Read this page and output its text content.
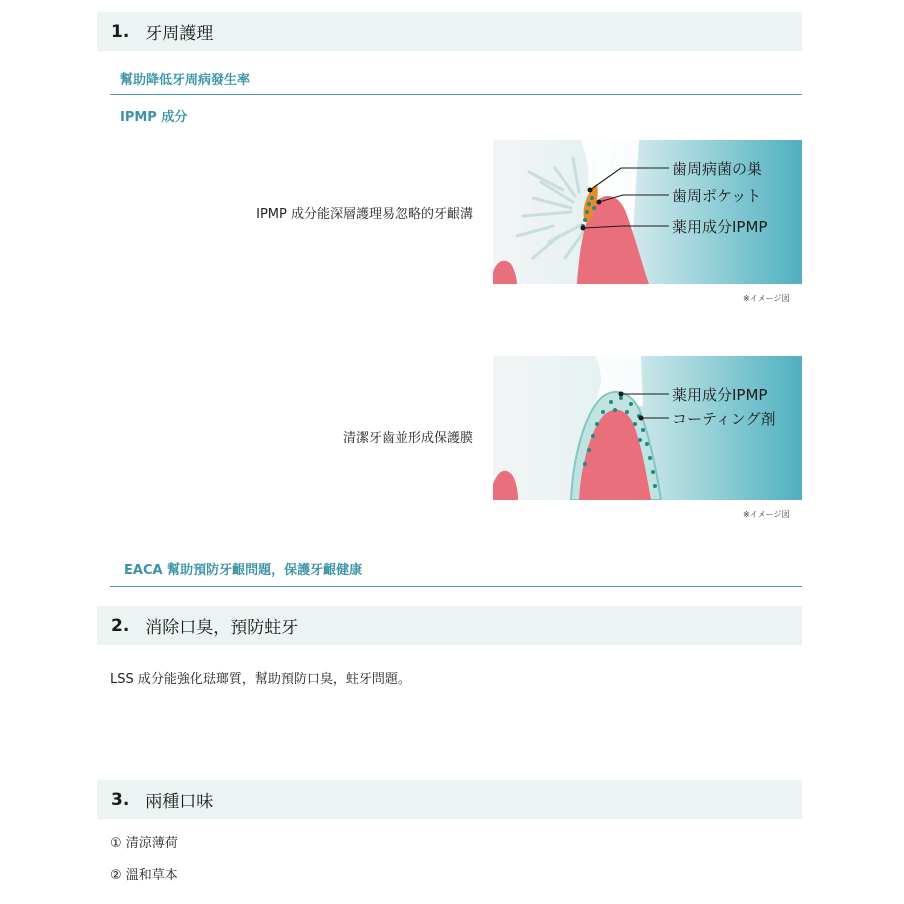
1. 牙周護理
幫助降低牙周病發生率
IPMP 成分
IPMP 成分能深層護理易忽略的牙齦溝
歯周病菌の巣
歯周ポケット
薬用成分IPMP
※イメージ図
清潔牙齒並形成保護膜
薬用成分IPMP
コーティング剤
※イメージ図
EACA 幫助預防牙齦問題，保護牙齦健康
2. 消除口臭，預防蛀牙
LSS 成分能強化琺瑯質，幫助預防口臭，蛀牙問題。
3. 兩種口味
① 清涼薄荷
② 溫和草本
